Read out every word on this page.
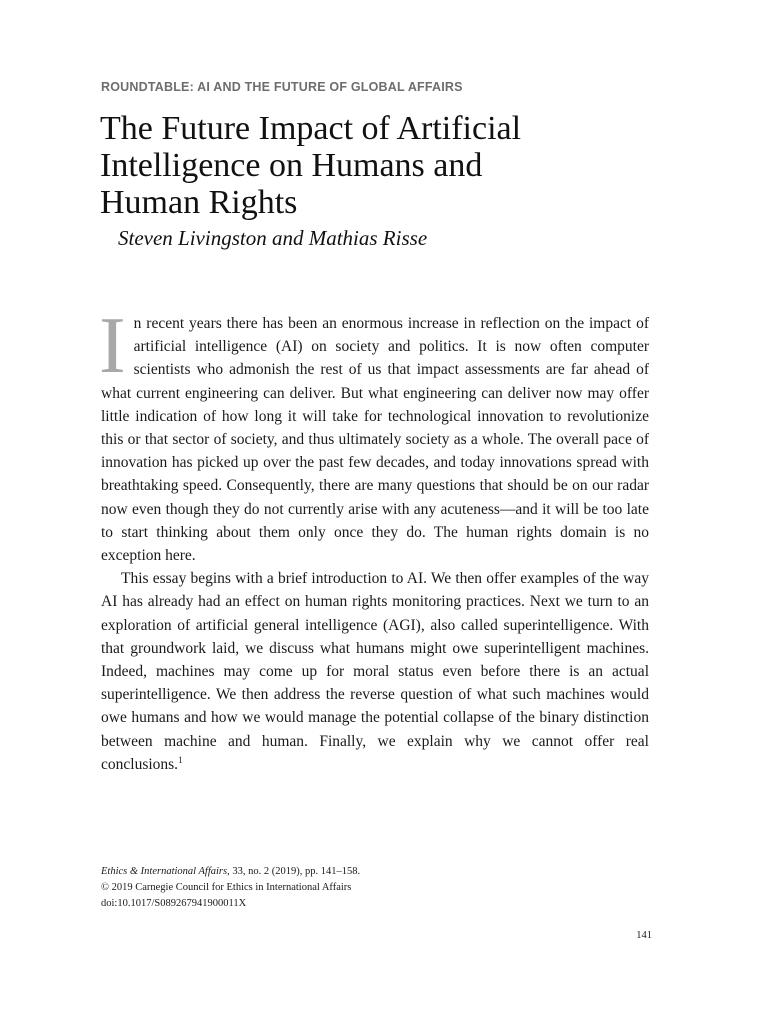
ROUNDTABLE: AI AND THE FUTURE OF GLOBAL AFFAIRS
The Future Impact of Artificial
Intelligence on Humans and
Human Rights
Steven Livingston and Mathias Risse

In recent years there has been an enormous increase in reflection on the impact of artificial intelligence (AI) on society and politics. It is now often computer scientists who admonish the rest of us that impact assessments are far ahead of what current engineering can deliver. But what engineering can deliver now may offer little indication of how long it will take for technological innovation to revolutionize this or that sector of society, and thus ultimately society as a whole. The overall pace of innovation has picked up over the past few decades, and today innovations spread with breathtaking speed. Consequently, there are many questions that should be on our radar now even though they do not currently arise with any acuteness—and it will be too late to start thinking about them only once they do. The human rights domain is no exception here.

This essay begins with a brief introduction to AI. We then offer examples of the way AI has already had an effect on human rights monitoring practices. Next we turn to an exploration of artificial general intelligence (AGI), also called superintelligence. With that groundwork laid, we discuss what humans might owe superintelligent machines. Indeed, machines may come up for moral status even before there is an actual superintelligence. We then address the reverse question of what such machines would owe humans and how we would manage the potential collapse of the binary distinction between machine and human. Finally, we explain why we cannot offer real conclusions.$^1$

Ethics & International Affairs, 33, no. 2 (2019), pp. 141–158.
© 2019 Carnegie Council for Ethics in International Affairs
doi:10.1017/S089267941900011X
141
